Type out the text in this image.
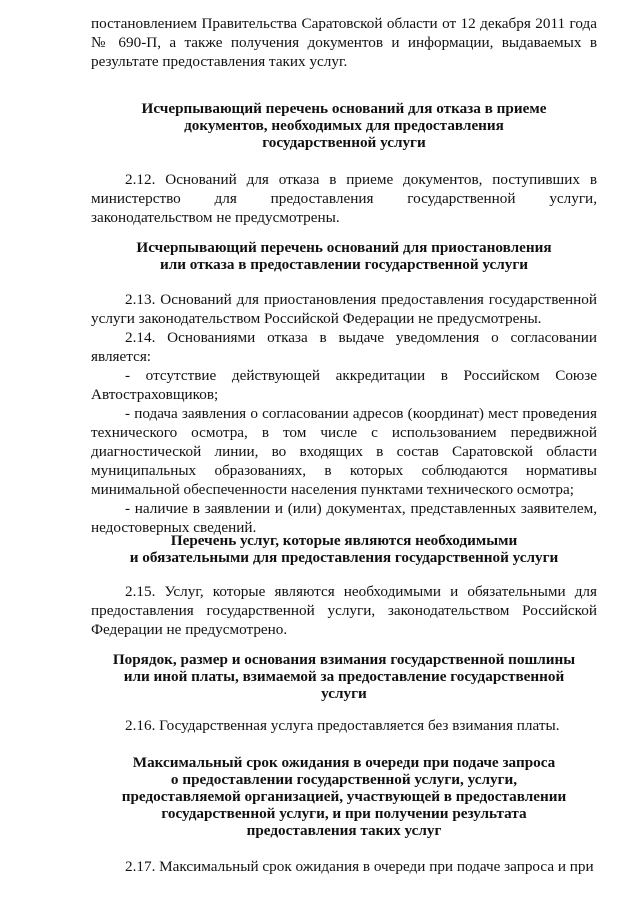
постановлением Правительства Саратовской области от 12 декабря 2011 года № 690-П, а также получения документов и информации, выдаваемых в результате предоставления таких услуг.

Исчерпывающий перечень оснований для отказа в приеме
документов, необходимых для предоставления
государственной услуги

2.12. Оснований для отказа в приеме документов, поступивших в министерство для предоставления государственной услуги, законодательством не предусмотрены.

Исчерпывающий перечень оснований для приостановления
или отказа в предоставлении государственной услуги
2.13. Оснований для приостановления предоставления государственной услуги законодательством Российской Федерации не предусмотрены.
2.14. Основаниями отказа в выдаче уведомления о согласовании является:
- отсутствие действующей аккредитации в Российском Союзе Автостраховщиков;
- подача заявления о согласовании адресов (координат) мест проведения технического осмотра, в том числе с использованием передвижной диагностической линии, во входящих в состав Саратовской области муниципальных образованиях, в которых соблюдаются нормативы минимальной обеспеченности населения пунктами технического осмотра;
- наличие в заявлении и (или) документах, представленных заявителем, недостоверных сведений.
Перечень услуг, которые являются необходимыми
и обязательными для предоставления государственной услуги

2.15. Услуг, которые являются необходимыми и обязательными для предоставления государственной услуги, законодательством Российской Федерации не предусмотрено.

Порядок, размер и основания взимания государственной пошлины
или иной платы, взимаемой за предоставление государственной
услуги

2.16. Государственная услуга предоставляется без взимания платы.

Максимальный срок ожидания в очереди при подаче запроса
о предоставлении государственной услуги, услуги,
предоставляемой организацией, участвующей в предоставлении
государственной услуги, и при получении результата
предоставления таких услуг

2.17. Максимальный срок ожидания в очереди при подаче запроса и при
